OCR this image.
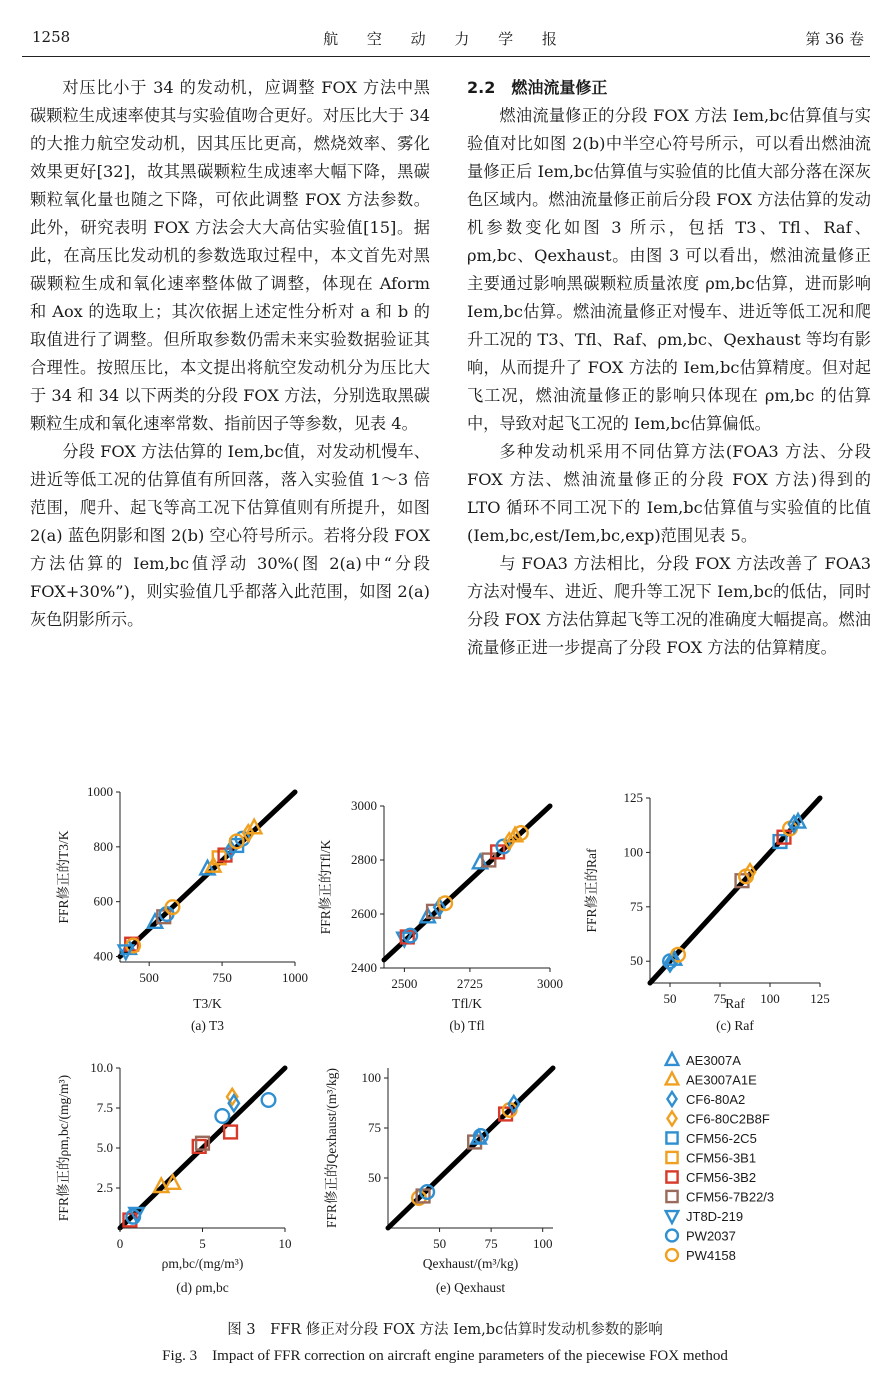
1258	航 空 动 力 学 报	第 36 卷

对压比小于 34 的发动机，应调整 FOX 方法中黑碳颗粒生成速率使其与实验值吻合更好。对压比大于 34 的大推力航空发动机，因其压比更高，燃烧效率、雾化效果更好[32]，故其黑碳颗粒生成速率大幅下降，黑碳颗粒氧化量也随之下降，可依此调整 FOX 方法参数。此外，研究表明 FOX 方法会大大高估实验值[15]。据此，在高压比发动机的参数选取过程中，本文首先对黑碳颗粒生成和氧化速率整体做了调整，体现在 Aform 和 Aox 的选取上；其次依据上述定性分析对 a 和 b 的取值进行了调整。但所取参数仍需未来实验数据验证其合理性。按照压比，本文提出将航空发动机分为压比大于 34 和 34 以下两类的分段 FOX 方法，分别选取黑碳颗粒生成和氧化速率常数、指前因子等参数，见表 4。

分段 FOX 方法估算的 Iem,bc值，对发动机慢车、进近等低工况的估算值有所回落，落入实验值 1～3 倍范围，爬升、起飞等高工况下估算值则有所提升，如图 2(a) 蓝色阴影和图 2(b) 空心符号所示。若将分段 FOX 方法估算的 Iem,bc值浮动 30%(图 2(a)中“分段 FOX+30%”)，则实验值几乎都落入此范围，如图 2(a) 灰色阴影所示。

2.2　燃油流量修正

燃油流量修正的分段 FOX 方法 Iem,bc估算值与实验值对比如图 2(b)中半空心符号所示，可以看出燃油流量修正后 Iem,bc估算值与实验值的比值大部分落在深灰色区域内。燃油流量修正前后分段 FOX 方法估算的发动机参数变化如图 3 所示，包括 T3、Tfl、Raf、ρm,bc、Qexhaust。由图 3 可以看出，燃油流量修正主要通过影响黑碳颗粒质量浓度 ρm,bc估算，进而影响 Iem,bc估算。燃油流量修正对慢车、进近等低工况和爬升工况的 T3、Tfl、Raf、ρm,bc、Qexhaust 等均有影响，从而提升了 FOX 方法的 Iem,bc估算精度。但对起飞工况，燃油流量修正的影响只体现在 ρm,bc 的估算中，导致对起飞工况的 Iem,bc估算偏低。

多种发动机采用不同估算方法(FOA3 方法、分段 FOX 方法、燃油流量修正的分段 FOX 方法)得到的 LTO 循环不同工况下的 Iem,bc估算值与实验值的比值(Iem,bc,est/Iem,bc,exp)范围见表 5。

与 FOA3 方法相比，分段 FOX 方法改善了 FOA3 方法对慢车、进近、爬升等工况下 Iem,bc的低估，同时分段 FOX 方法估算起飞等工况的准确度大幅提高。燃油流量修正进一步提高了分段 FOX 方法的估算精度。

500	750	1000
400
600
800
1000
T3/K
FFR修正的T3/K
(a) T3
2500	2725	3000
2400
2600
2800
3000
Tfl/K
FFR修正的Tfl/K
(b) Tfl
50	75	100 125
50
75
100
125
Raf
FFR修正的Raf
(c) Raf
0	5	10
2.5
5.0
7.5
10.0
ρm,bc/(mg/m³)
FFR修正的ρm,bc/(mg/m³)
(d) ρm,bc
50	75	100
50
75
100
Qexhaust/(m³/kg)
FFR修正的Qexhaust/(m³/kg)
(e) Qexhaust
AE3007A
AE3007A1E
CF6-80A2
CF6-80C2B8F
CFM56-2C5
CFM56-3B1
CFM56-3B2
CFM56-7B22/3
JT8D-219
PW2037
PW4158
图 3　FFR 修正对分段 FOX 方法 Iem,bc估算时发动机参数的影响
Fig. 3　Impact of FFR correction on aircraft engine parameters of the piecewise FOX method
